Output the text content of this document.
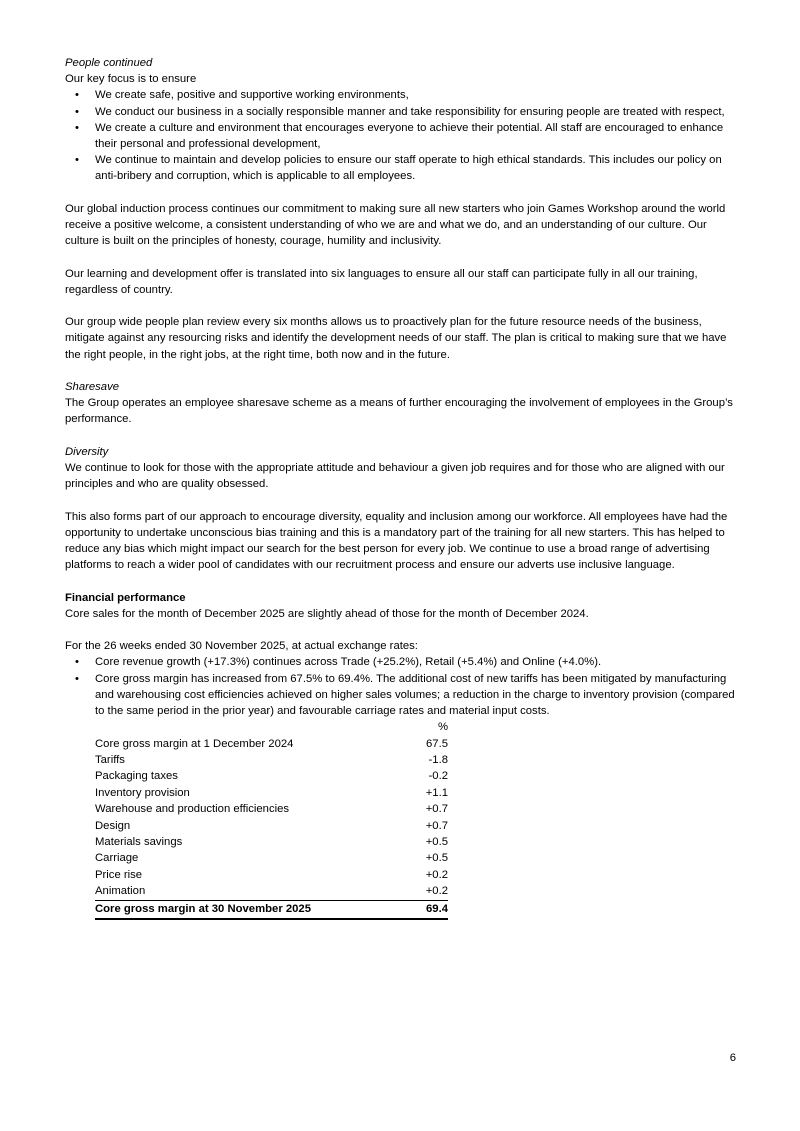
People continued
Our key focus is to ensure
• We create safe, positive and supportive working environments,
• We conduct our business in a socially responsible manner and take responsibility for ensuring people are treated with respect,
• We create a culture and environment that encourages everyone to achieve their potential. All staff are encouraged to enhance their personal and professional development,
• We continue to maintain and develop policies to ensure our staff operate to high ethical standards. This includes our policy on anti-bribery and corruption, which is applicable to all employees.
Our global induction process continues our commitment to making sure all new starters who join Games Workshop around the world receive a positive welcome, a consistent understanding of who we are and what we do, and an understanding of our culture. Our culture is built on the principles of honesty, courage, humility and inclusivity.
Our learning and development offer is translated into six languages to ensure all our staff can participate fully in all our training, regardless of country.
Our group wide people plan review every six months allows us to proactively plan for the future resource needs of the business, mitigate against any resourcing risks and identify the development needs of our staff. The plan is critical to making sure that we have the right people, in the right jobs, at the right time, both now and in the future.
Sharesave
The Group operates an employee sharesave scheme as a means of further encouraging the involvement of employees in the Group’s performance.
Diversity
We continue to look for those with the appropriate attitude and behaviour a given job requires and for those who are aligned with our principles and who are quality obsessed.
This also forms part of our approach to encourage diversity, equality and inclusion among our workforce. All employees have had the opportunity to undertake unconscious bias training and this is a mandatory part of the training for all new starters. This has helped to reduce any bias which might impact our search for the best person for every job. We continue to use a broad range of advertising platforms to reach a wider pool of candidates with our recruitment process and ensure our adverts use inclusive language.
Financial performance
Core sales for the month of December 2025 are slightly ahead of those for the month of December 2024.
For the 26 weeks ended 30 November 2025, at actual exchange rates:
• Core revenue growth (+17.3%) continues across Trade (+25.2%), Retail (+5.4%) and Online (+4.0%).
• Core gross margin has increased from 67.5% to 69.4%. The additional cost of new tariffs has been mitigated by manufacturing and warehousing cost efficiencies achieved on higher sales volumes; a reduction in the charge to inventory provision (compared to the same period in the prior year) and favourable carriage rates and material input costs.
	%
Core gross margin at 1 December 2024	67.5
Tariffs	-1.8
Packaging taxes	-0.2
Inventory provision	+1.1
Warehouse and production efficiencies	+0.7
Design	+0.7
Materials savings	+0.5
Carriage	+0.5
Price rise	+0.2
Animation	+0.2
Core gross margin at 30 November 2025	69.4
6
